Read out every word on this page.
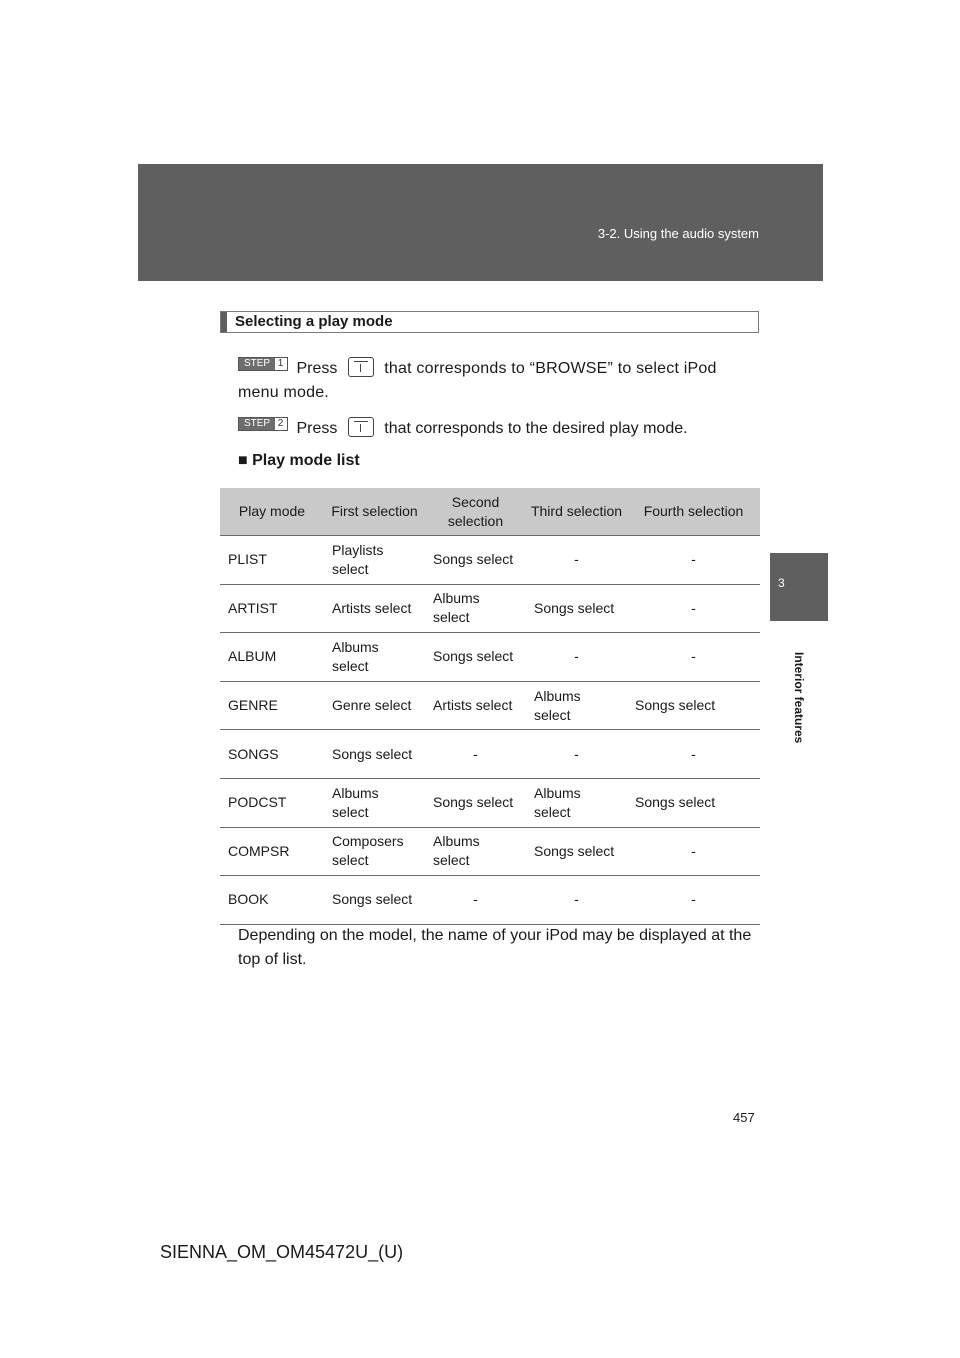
3-2. Using the audio system
3
Interior features
Selecting a play mode
STEP 1 Press	that corresponds to “BROWSE” to select iPod menu mode.
STEP 2 Press	that corresponds to the desired play mode.
■ Play mode list
Play mode	First selection	Second selection	Third selection	Fourth selection
PLIST	Playlists select	Songs select	-	-
ARTIST	Artists select	Albums select	Songs select	-
ALBUM	Albums select	Songs select	-	-
GENRE	Genre select	Artists select	Albums select	Songs select
SONGS	Songs select	-	-	-
PODCST	Albums select	Songs select	Albums select	Songs select
COMPSR	Composers select	Albums select	Songs select	-
BOOK	Songs select	-	-	-
Depending on the model, the name of your iPod may be displayed at the top of list.
457
SIENNA_OM_OM45472U_(U)
